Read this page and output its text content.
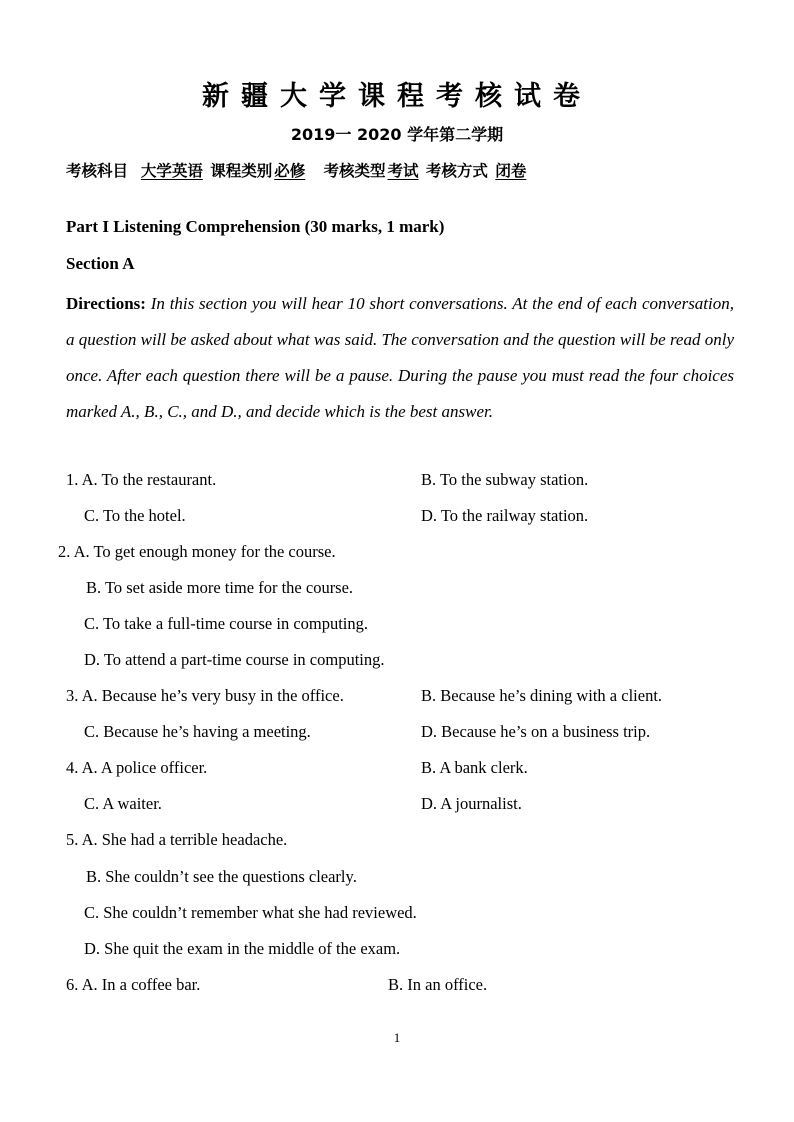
新疆大学课程考核试卷
2019一 2020 学年第二学期
考核科目 大学英语 课程类别 必修 考核类型 考试 考核方式 闭卷
Part I Listening Comprehension (30 marks, 1 mark)
Section A
Directions: In this section you will hear 10 short conversations. At the end of each conversation, a question will be asked about what was said. The conversation and the question will be read only once. After each question there will be a pause. During the pause you must read the four choices marked A., B., C., and D., and decide which is the best answer.
1. A. To the restaurant.	B. To the subway station.
C. To the hotel.	D. To the railway station.
2. A. To get enough money for the course.
B. To set aside more time for the course.
C. To take a full-time course in computing.
D. To attend a part-time course in computing.
3. A. Because he’s very busy in the office.	B. Because he’s dining with a client.
C. Because he’s having a meeting.	D. Because he’s on a business trip.
4. A. A police officer.	B. A bank clerk.
C. A waiter.	D. A journalist.
5. A. She had a terrible headache.
B. She couldn’t see the questions clearly.
C. She couldn’t remember what she had reviewed.
D. She quit the exam in the middle of the exam.
6. A. In a coffee bar.	B. In an office.
1
